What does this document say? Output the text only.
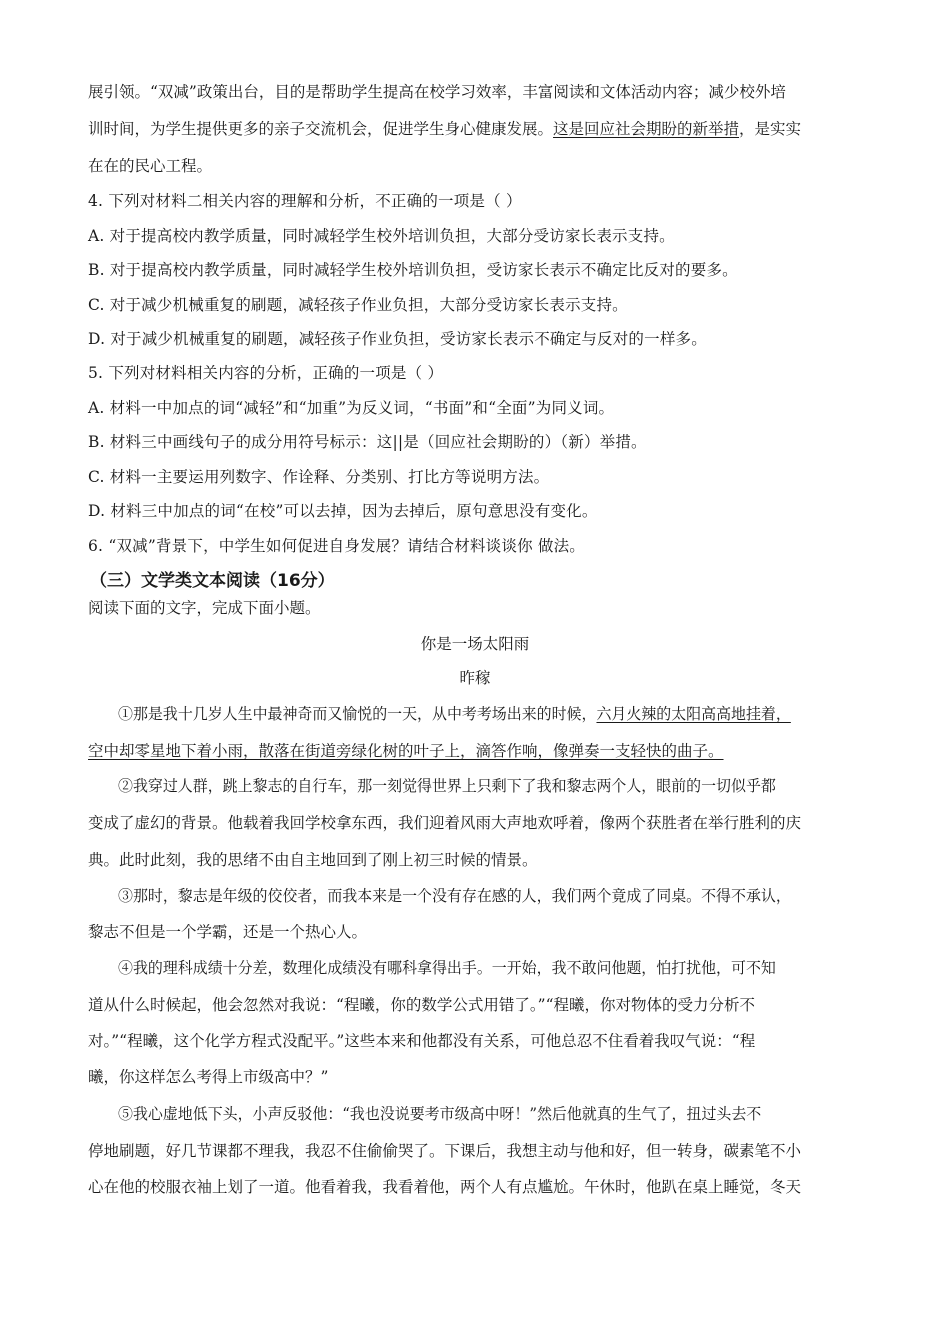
展引领。“双减”政策出台，目的是帮助学生提高在校学习效率，丰富阅读和文体活动内容；减少校外培
训时间，为学生提供更多的亲子交流机会，促进学生身心健康发展。这是回应社会期盼的新举措，是实实
在在的民心工程。
4. 下列对材料二相关内容的理解和分析，不正确的一项是（ ）
A. 对于提高校内教学质量，同时减轻学生校外培训负担，大部分受访家长表示支持。
B. 对于提高校内教学质量，同时减轻学生校外培训负担，受访家长表示不确定比反对的要多。
C. 对于减少机械重复的刷题，减轻孩子作业负担，大部分受访家长表示支持。
D. 对于减少机械重复的刷题，减轻孩子作业负担，受访家长表示不确定与反对的一样多。
5. 下列对材料相关内容的分析，正确的一项是（ ）
A. 材料一中加点的词“减轻”和“加重”为反义词，“书面”和“全面”为同义词。
B. 材料三中画线句子的成分用符号标示：这||是（回应社会期盼的）（新）举措。
C. 材料一主要运用列数字、作诠释、分类别、打比方等说明方法。
D. 材料三中加点的词“在校”可以去掉，因为去掉后，原句意思没有变化。
6. “双减”背景下，中学生如何促进自身发展？请结合材料谈谈你 做法。
（三）文学类文本阅读（16分）
阅读下面的文字，完成下面小题。
你是一场太阳雨
昨稼
①那是我十几岁人生中最神奇而又愉悦的一天，从中考考场出来的时候，六月火辣的太阳高高地挂着，
空中却零星地下着小雨，散落在街道旁绿化树的叶子上，滴答作响，像弹奏一支轻快的曲子。
②我穿过人群，跳上黎志的自行车，那一刻觉得世界上只剩下了我和黎志两个人，眼前的一切似乎都
变成了虚幻的背景。他载着我回学校拿东西，我们迎着风雨大声地欢呼着，像两个获胜者在举行胜利的庆
典。此时此刻，我的思绪不由自主地回到了刚上初三时候的情景。
③那时，黎志是年级的佼佼者，而我本来是一个没有存在感的人，我们两个竟成了同桌。不得不承认，
黎志不但是一个学霸，还是一个热心人。
④我的理科成绩十分差，数理化成绩没有哪科拿得出手。一开始，我不敢问他题，怕打扰他，可不知
道从什么时候起，他会忽然对我说：“程曦，你的数学公式用错了。”“程曦，你对物体的受力分析不
对。”“程曦，这个化学方程式没配平。”这些本来和他都没有关系，可他总忍不住看着我叹气说：“程
曦，你这样怎么考得上市级高中？”
⑤我心虚地低下头，小声反驳他：“我也没说要考市级高中呀！”然后他就真的生气了，扭过头去不
停地刷题，好几节课都不理我，我忍不住偷偷哭了。下课后，我想主动与他和好，但一转身，碳素笔不小
心在他的校服衣袖上划了一道。他看着我，我看着他，两个人有点尴尬。午休时，他趴在桌上睡觉，冬天
